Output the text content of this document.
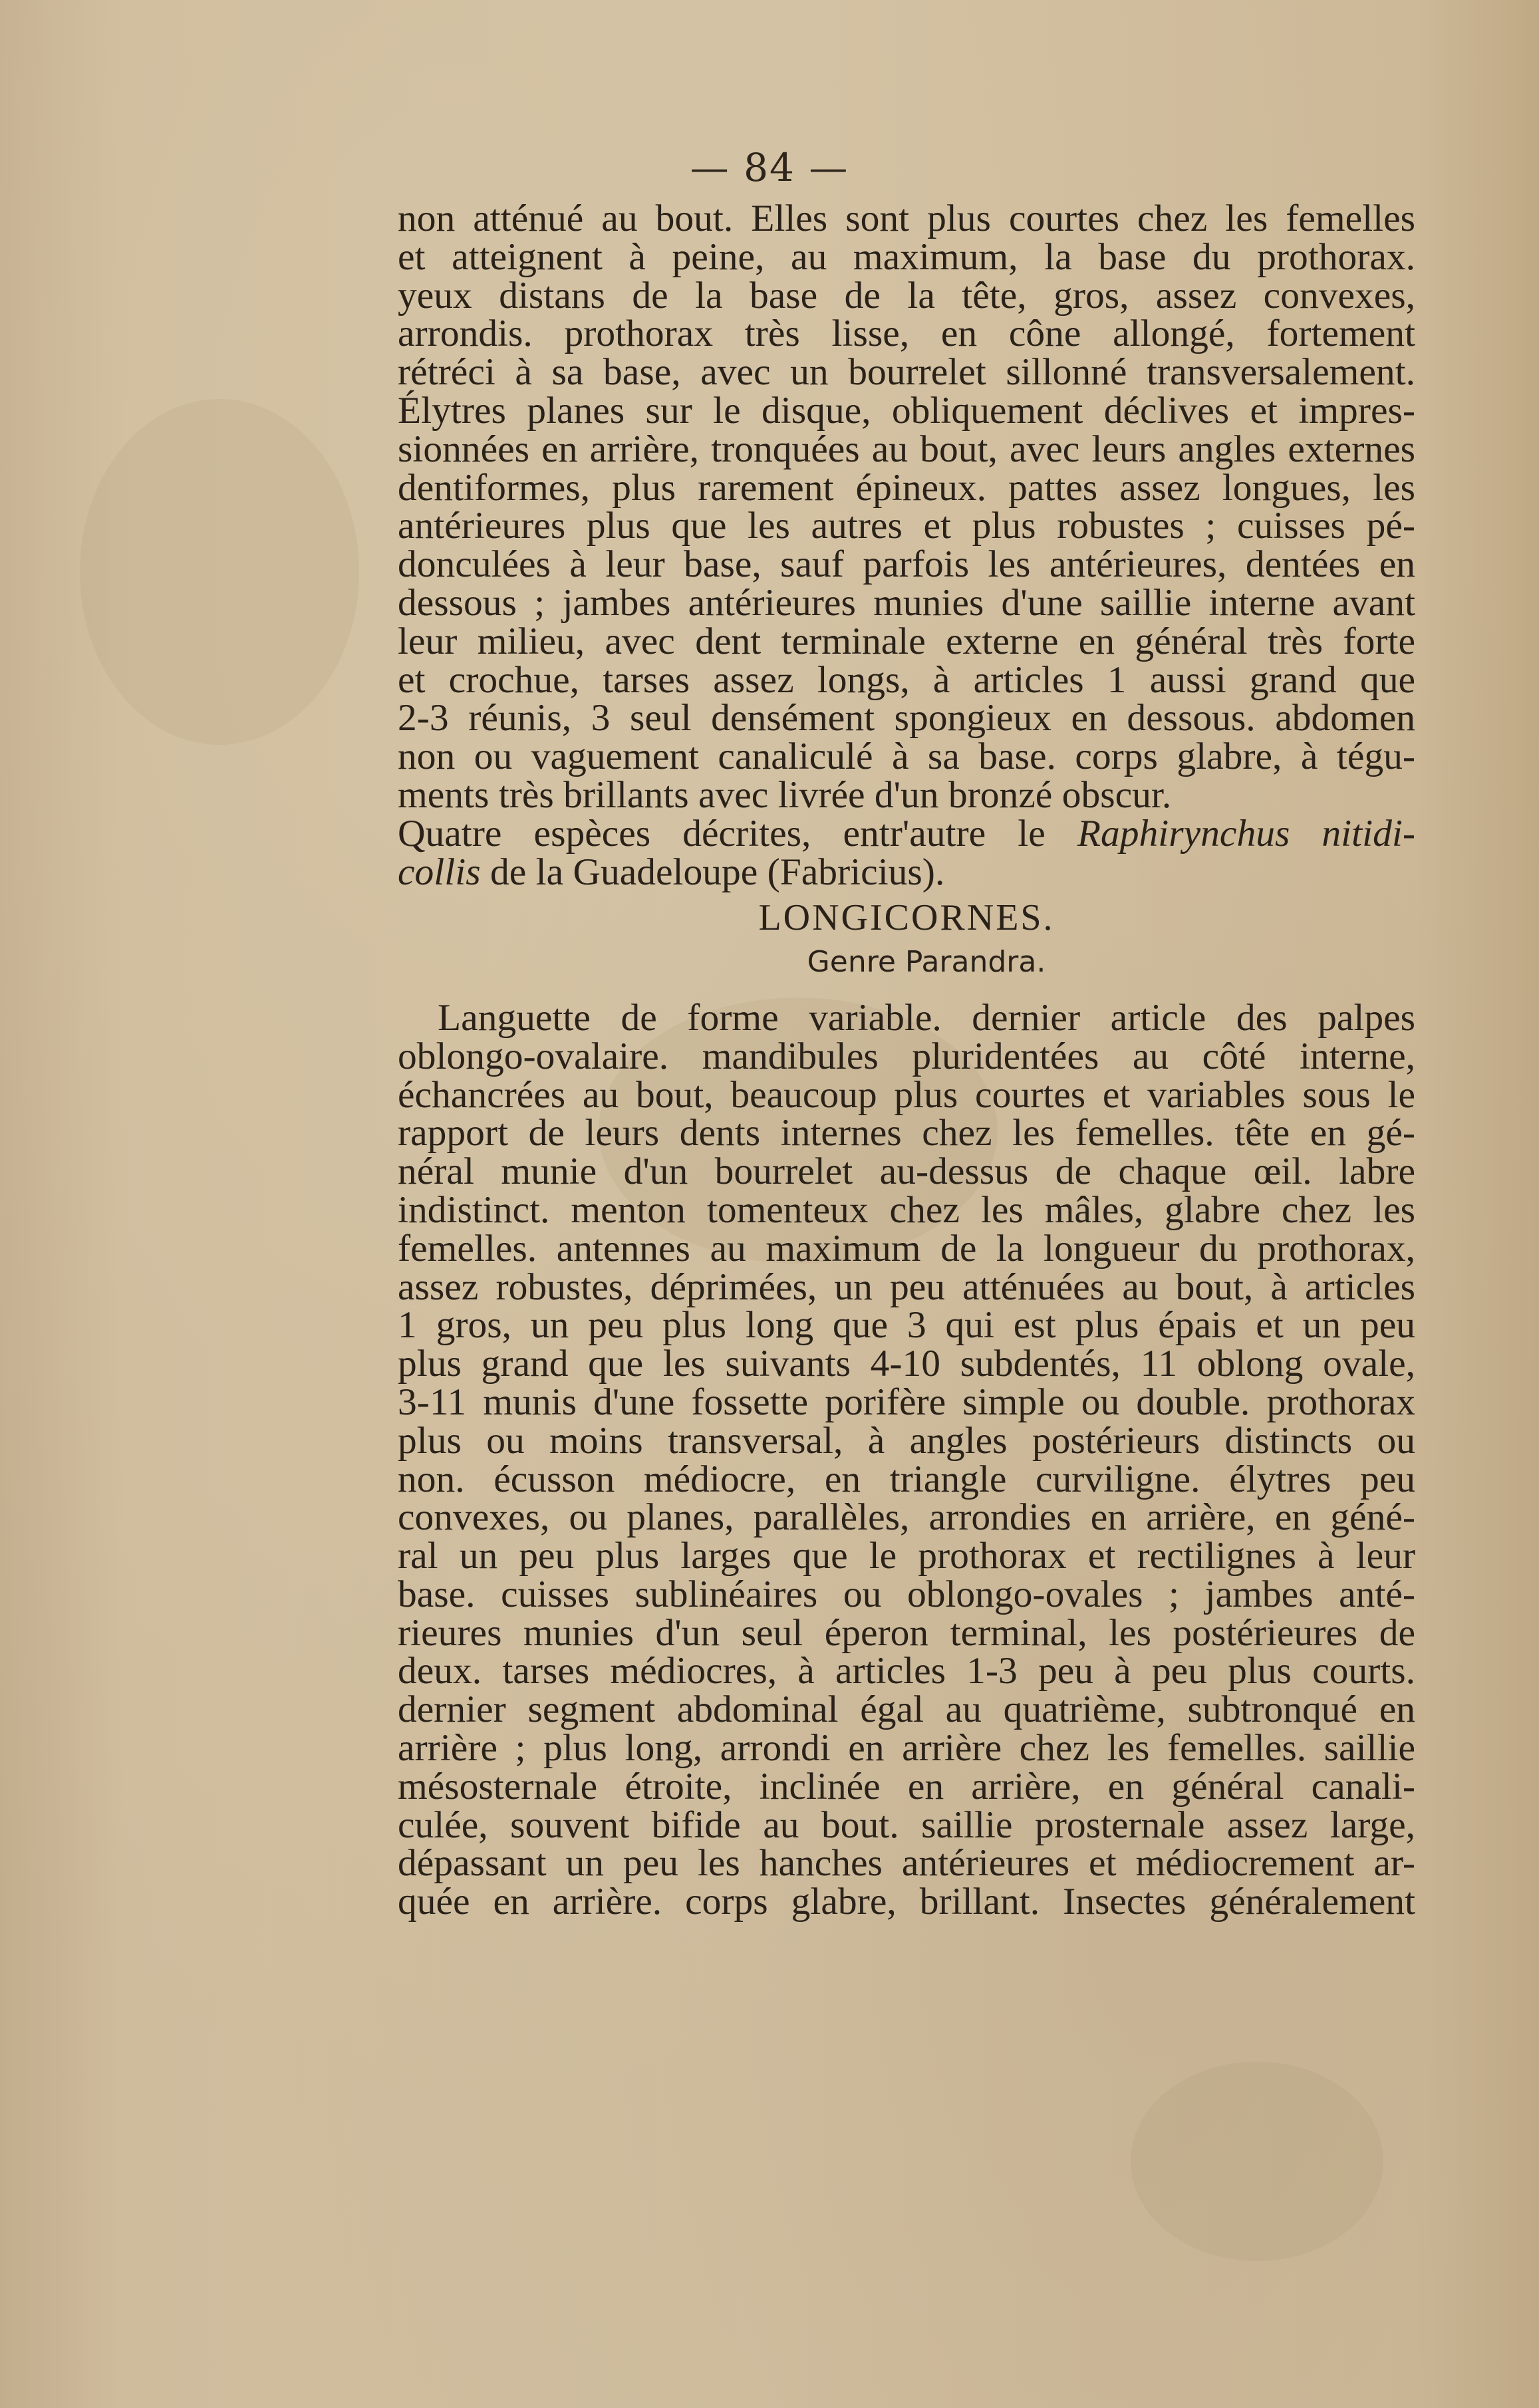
— 84 —
non atténué au bout. Elles sont plus courtes chez les femelles
et atteignent à peine, au maximum, la base du prothorax.
yeux distans de la base de la tête, gros, assez convexes,
arrondis. prothorax très lisse, en cône allongé, fortement
rétréci à sa base, avec un bourrelet sillonné transversalement.
Élytres planes sur le disque, obliquement déclives et impres-
sionnées en arrière, tronquées au bout, avec leurs angles externes
dentiformes, plus rarement épineux. pattes assez longues, les
antérieures plus que les autres et plus robustes ; cuisses pé-
donculées à leur base, sauf parfois les antérieures, dentées en
dessous ; jambes antérieures munies d'une saillie interne avant
leur milieu, avec dent terminale externe en général très forte
et crochue, tarses assez longs, à articles 1 aussi grand que
2-3 réunis, 3 seul densément spongieux en dessous. abdomen
non ou vaguement canaliculé à sa base. corps glabre, à tégu-
ments très brillants avec livrée d'un bronzé obscur.
Quatre espèces décrites, entr'autre le Raphirynchus nitidi-
collis de la Guadeloupe (Fabricius).
LONGICORNES.
Genre Parandra.
Languette de forme variable. dernier article des palpes
oblongo-ovalaire. mandibules pluridentées au côté interne,
échancrées au bout, beaucoup plus courtes et variables sous le
rapport de leurs dents internes chez les femelles. tête en gé-
néral munie d'un bourrelet au-dessus de chaque œil. labre
indistinct. menton tomenteux chez les mâles, glabre chez les
femelles. antennes au maximum de la longueur du prothorax,
assez robustes, déprimées, un peu atténuées au bout, à articles
1 gros, un peu plus long que 3 qui est plus épais et un peu
plus grand que les suivants 4-10 subdentés, 11 oblong ovale,
3-11 munis d'une fossette porifère simple ou double. prothorax
plus ou moins transversal, à angles postérieurs distincts ou
non. écusson médiocre, en triangle curviligne. élytres peu
convexes, ou planes, parallèles, arrondies en arrière, en géné-
ral un peu plus larges que le prothorax et rectilignes à leur
base. cuisses sublinéaires ou oblongo-ovales ; jambes anté-
rieures munies d'un seul éperon terminal, les postérieures de
deux. tarses médiocres, à articles 1-3 peu à peu plus courts.
dernier segment abdominal égal au quatrième, subtronqué en
arrière ; plus long, arrondi en arrière chez les femelles. saillie
mésosternale étroite, inclinée en arrière, en général canali-
culée, souvent bifide au bout. saillie prosternale assez large,
dépassant un peu les hanches antérieures et médiocrement ar-
quée en arrière. corps glabre, brillant. Insectes généralement
